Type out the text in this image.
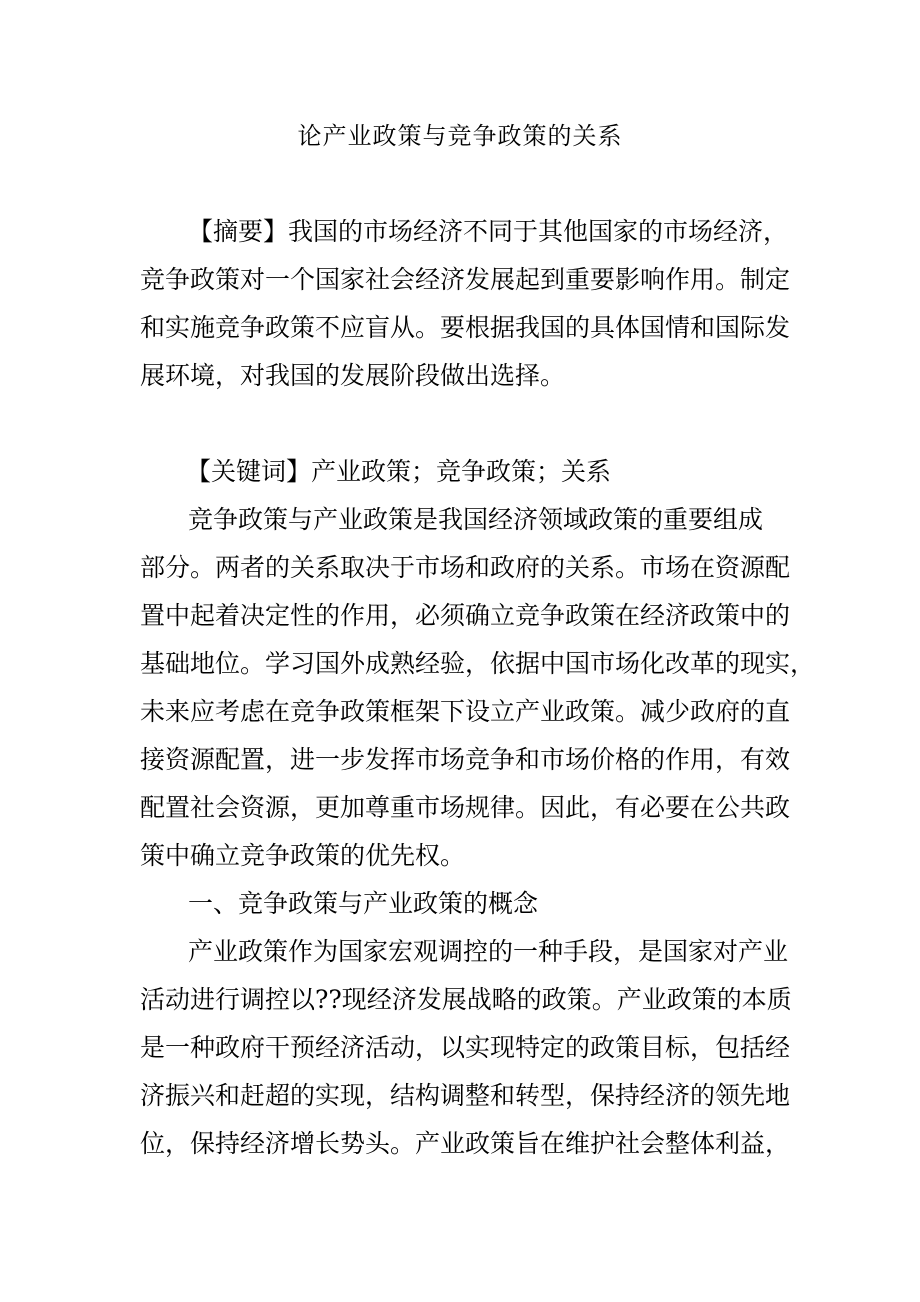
论产业政策与竞争政策的关系
【摘要】我国的市场经济不同于其他国家的市场经济，
竞争政策对一个国家社会经济发展起到重要影响作用。制定
和实施竞争政策不应盲从。要根据我国的具体国情和国际发
展环境，对我国的发展阶段做出选择。
【关键词】产业政策；竞争政策；关系
竞争政策与产业政策是我国经济领域政策的重要组成
部分。两者的关系取决于市场和政府的关系。市场在资源配
置中起着决定性的作用，必须确立竞争政策在经济政策中的
基础地位。学习国外成熟经验，依据中国市场化改革的现实，
未来应考虑在竞争政策框架下设立产业政策。减少政府的直
接资源配置，进一步发挥市场竞争和市场价格的作用，有效
配置社会资源，更加尊重市场规律。因此，有必要在公共政
策中确立竞争政策的优先权。
一、竞争政策与产业政策的概念
产业政策作为国家宏观调控的一种手段，是国家对产业
活动进行调控以??现经济发展战略的政策。产业政策的本质
是一种政府干预经济活动，以实现特定的政策目标，包括经
济振兴和赶超的实现，结构调整和转型，保持经济的领先地
位，保持经济增长势头。产业政策旨在维护社会整体利益，
